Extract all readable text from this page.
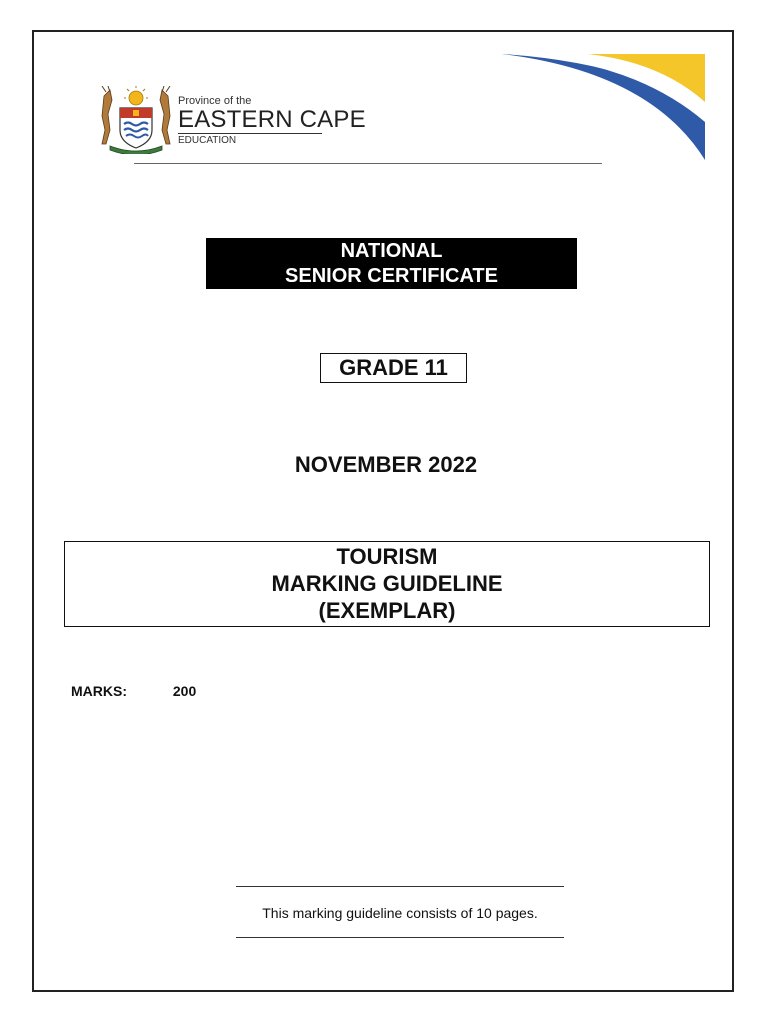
Province of the
EASTERN CAPE
EDUCATION
NATIONAL
SENIOR CERTIFICATE
GRADE 11
NOVEMBER 2022
TOURISM
MARKING GUIDELINE
(EXEMPLAR)
MARKS:	200
This marking guideline consists of 10 pages.
